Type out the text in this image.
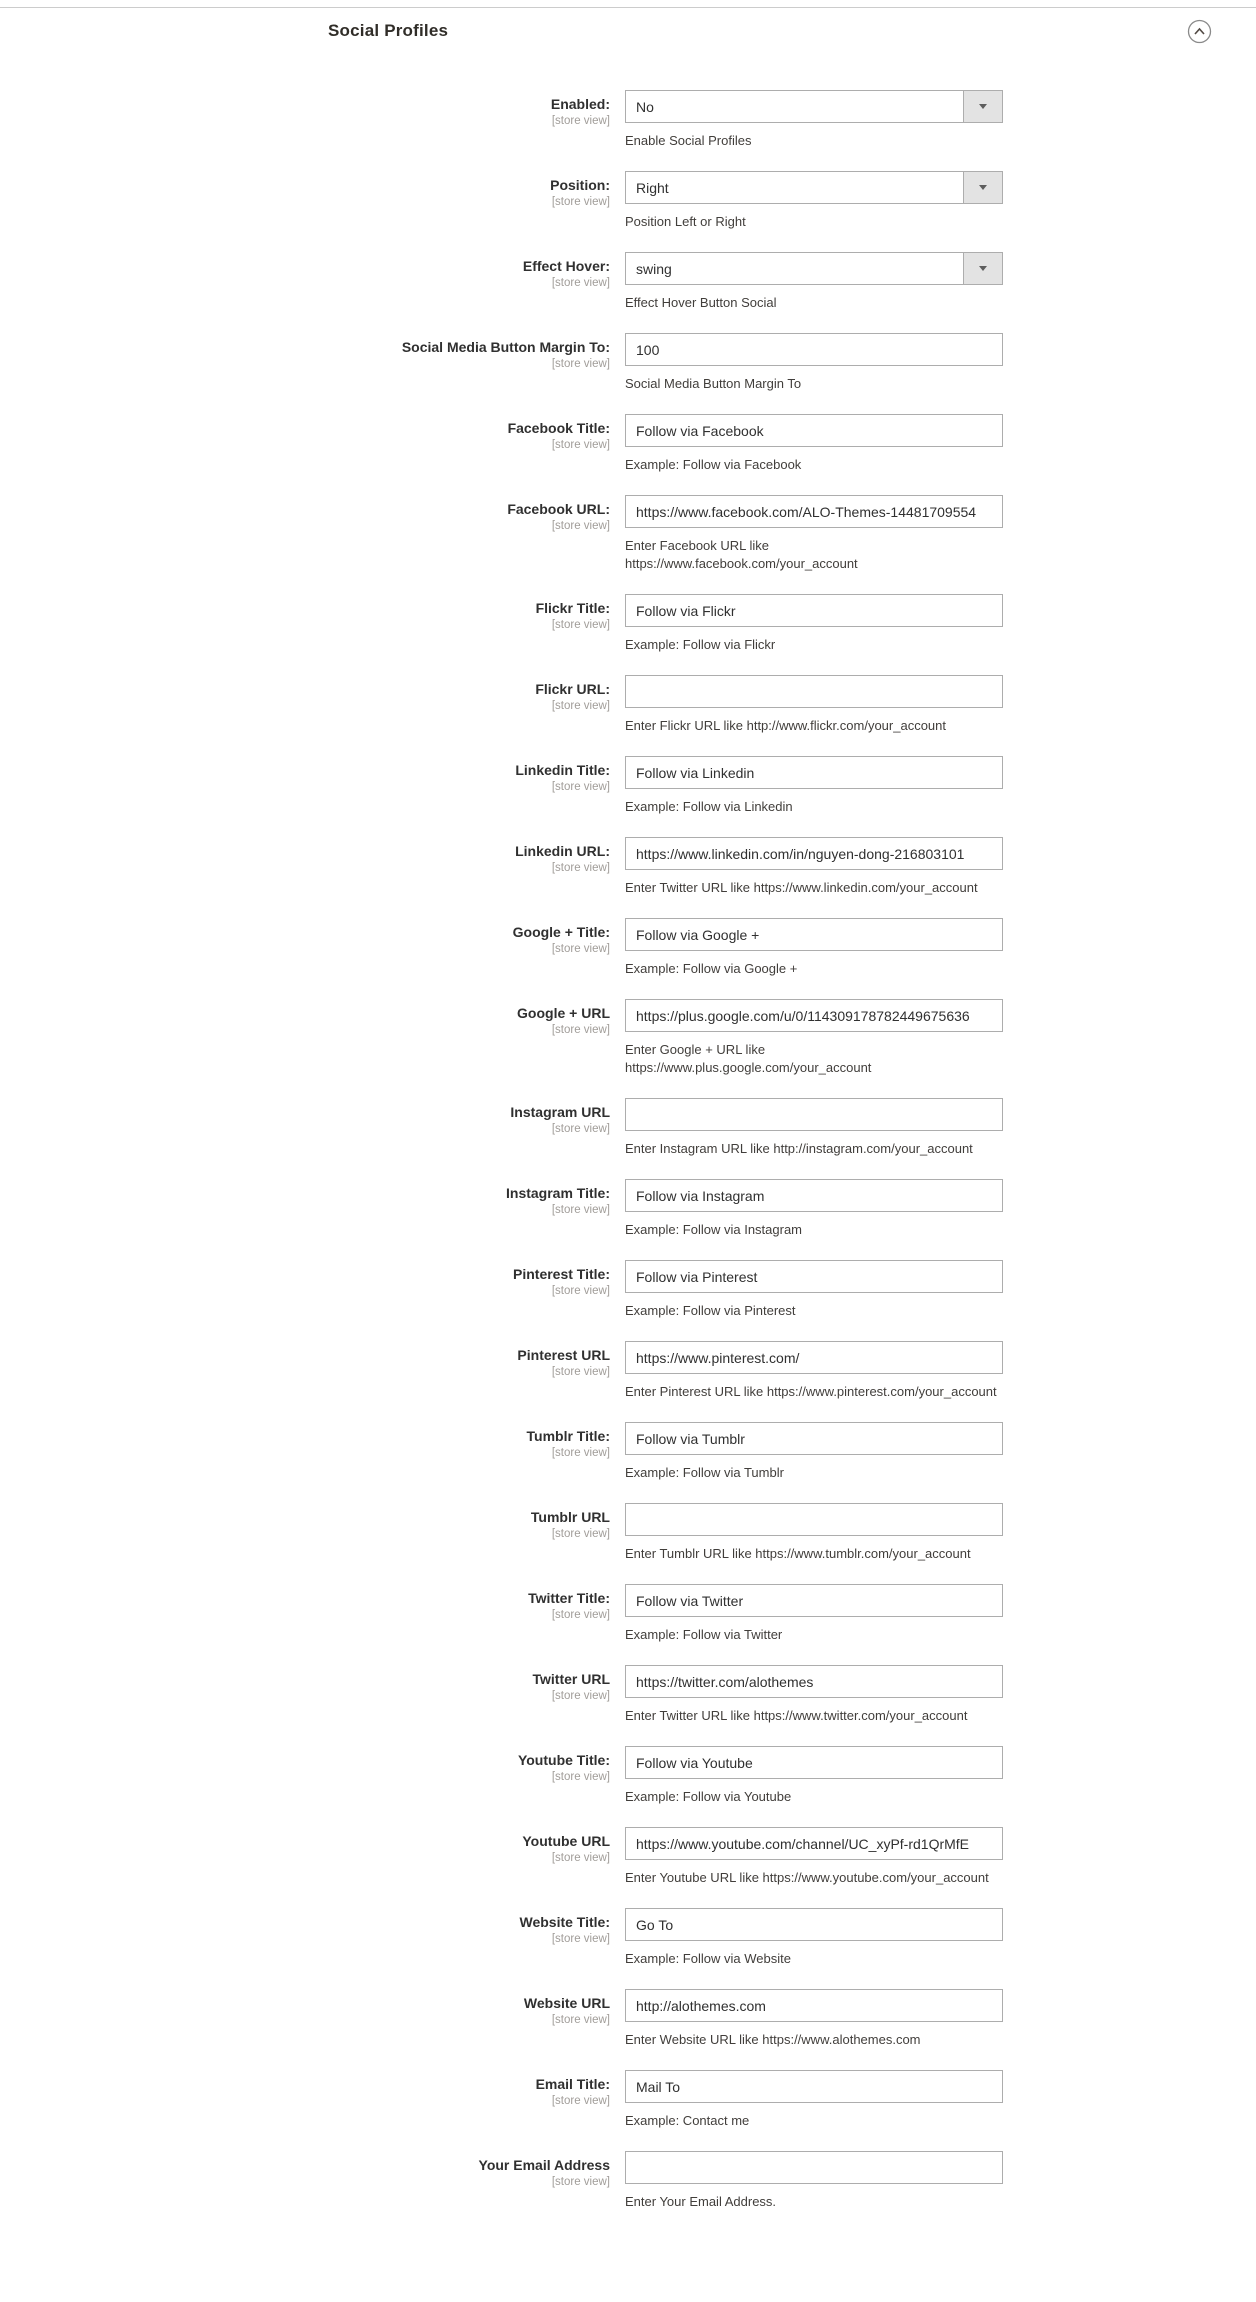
Social Profiles
Enabled:
[store view]
No
Enable Social Profiles
Position:
[store view]
Right
Position Left or Right
Effect Hover:
[store view]
swing
Effect Hover Button Social
Social Media Button Margin To:
[store view]
100
Social Media Button Margin To
Facebook Title:
[store view]
Follow via Facebook
Example: Follow via Facebook
Facebook URL:
[store view]
https://www.facebook.com/ALO-Themes-14481709554
Enter Facebook URL like https://www.facebook.com/your_account
Flickr Title:
[store view]
Follow via Flickr
Example: Follow via Flickr
Flickr URL:
[store view]
Enter Flickr URL like http://www.flickr.com/your_account
Linkedin Title:
[store view]
Follow via Linkedin
Example: Follow via Linkedin
Linkedin URL:
[store view]
https://www.linkedin.com/in/nguyen-dong-216803101
Enter Twitter URL like https://www.linkedin.com/your_account
Google + Title:
[store view]
Follow via Google +
Example: Follow via Google +
Google + URL
[store view]
https://plus.google.com/u/0/114309178782449675636
Enter Google + URL like
https://www.plus.google.com/your_account
Instagram URL
[store view]
Enter Instagram URL like http://instagram.com/your_account
Instagram Title:
[store view]
Follow via Instagram
Example: Follow via Instagram
Pinterest Title:
[store view]
Follow via Pinterest
Example: Follow via Pinterest
Pinterest URL
[store view]
https://www.pinterest.com/
Enter Pinterest URL like https://www.pinterest.com/your_account
Tumblr Title:
[store view]
Follow via Tumblr
Example: Follow via Tumblr
Tumblr URL
[store view]
Enter Tumblr URL like https://www.tumblr.com/your_account
Twitter Title:
[store view]
Follow via Twitter
Example: Follow via Twitter
Twitter URL
[store view]
https://twitter.com/alothemes
Enter Twitter URL like https://www.twitter.com/your_account
Youtube Title:
[store view]
Follow via Youtube
Example: Follow via Youtube
Youtube URL
[store view]
https://www.youtube.com/channel/UC_xyPf-rd1QrMfE
Enter Youtube URL like https://www.youtube.com/your_account
Website Title:
[store view]
Go To
Example: Follow via Website
Website URL
[store view]
http://alothemes.com
Enter Website URL like https://www.alothemes.com
Email Title:
[store view]
Mail To
Example: Contact me
Your Email Address
[store view]
Enter Your Email Address.
